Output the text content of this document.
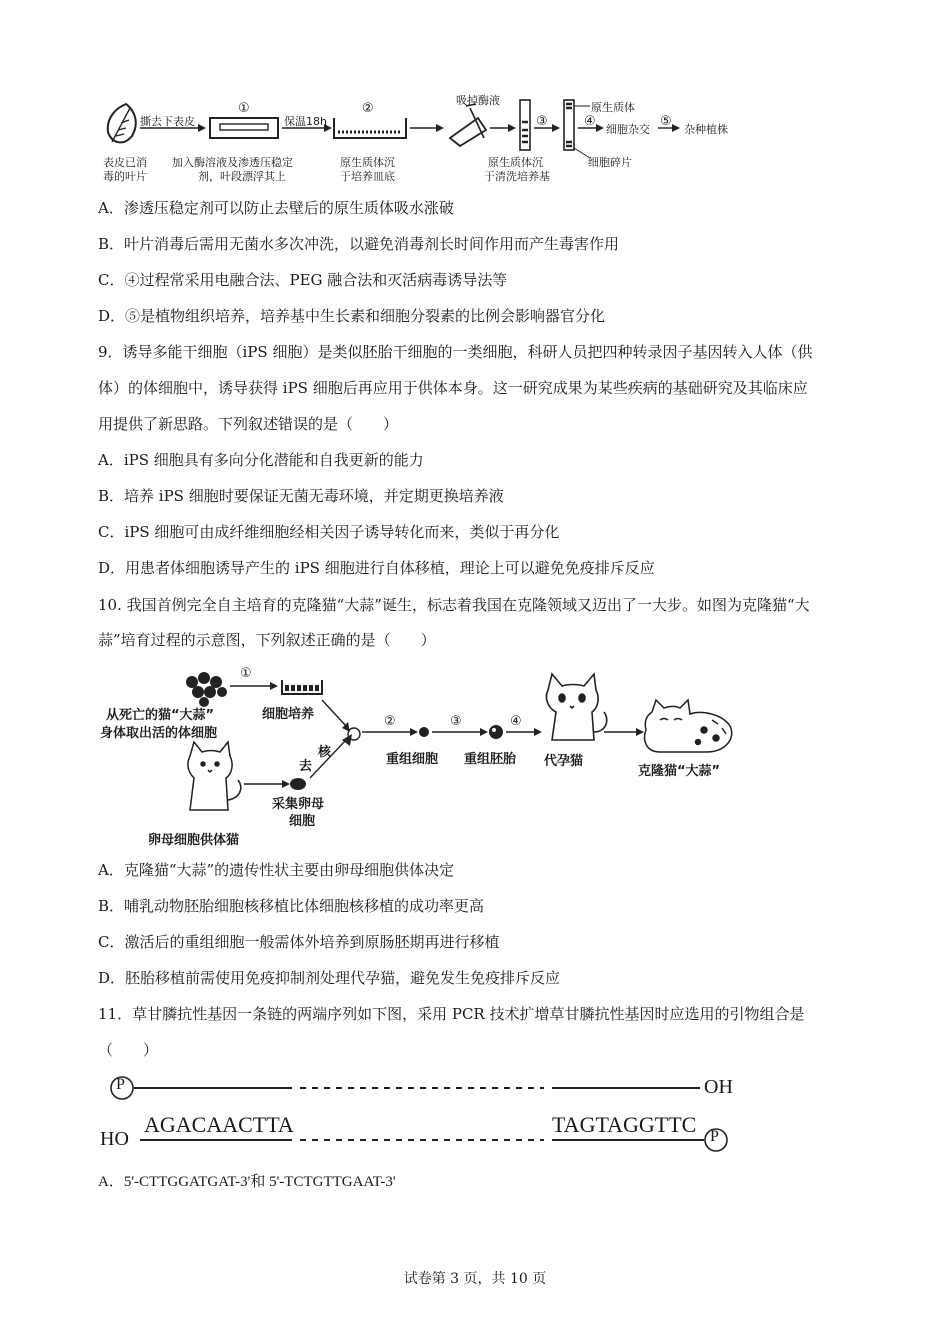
撕去下表皮
①
保温18h
②
吸掉酶液
③
原生质体
④
细胞杂交
⑤
杂种植株
细胞碎片
表皮已消
毒的叶片
加入酶溶液及渗透压稳定
剂，叶段漂浮其上
原生质体沉
于培养皿底
原生质体沉
于清洗培养基
A．渗透压稳定剂可以防止去壁后的原生质体吸水涨破
B．叶片消毒后需用无菌水多次冲洗，以避免消毒剂长时间作用而产生毒害作用
C．④过程常采用电融合法、PEG 融合法和灭活病毒诱导法等
D．⑤是植物组织培养，培养基中生长素和细胞分裂素的比例会影响器官分化
9．诱导多能干细胞（iPS 细胞）是类似胚胎干细胞的一类细胞，科研人员把四种转录因子基因转入人体（供
体）的体细胞中，诱导获得 iPS 细胞后再应用于供体本身。这一研究成果为某些疾病的基础研究及其临床应
用提供了新思路。下列叙述错误的是（　　）
A．iPS 细胞具有多向分化潜能和自我更新的能力
B．培养 iPS 细胞时要保证无菌无毒环境，并定期更换培养液
C．iPS 细胞可由成纤维细胞经相关因子诱导转化而来，类似于再分化
D．用患者体细胞诱导产生的 iPS 细胞进行自体移植，理论上可以避免免疫排斥反应
10. 我国首例完全自主培育的克隆猫“大蒜”诞生，标志着我国在克隆领域又迈出了一大步。如图为克隆猫“大
蒜”培育过程的示意图，下列叙述正确的是（　　）
从死亡的猫“大蒜”
身体取出活的体细胞
①
细胞培养
去
核
采集卵母
细胞
卵母细胞供体猫
②
重组细胞
③
重组胚胎
④
代孕猫
克隆猫“大蒜”
A．克隆猫“大蒜”的遗传性状主要由卵母细胞供体决定
B．哺乳动物胚胎细胞核移植比体细胞核移植的成功率更高
C．激活后的重组细胞一般需体外培养到原肠胚期再进行移植
D．胚胎移植前需使用免疫抑制剂处理代孕猫，避免发生免疫排斥反应
11．草甘膦抗性基因一条链的两端序列如下图，采用 PCR 技术扩增草甘膦抗性基因时应选用的引物组合是
（　　）
P	OH
HO
AGACAACTTA	TAGTAGGTTC P
A．5'-CTTGGATGAT-3'和 5'-TCTGTTGAAT-3'
试卷第 3 页，共 10 页
